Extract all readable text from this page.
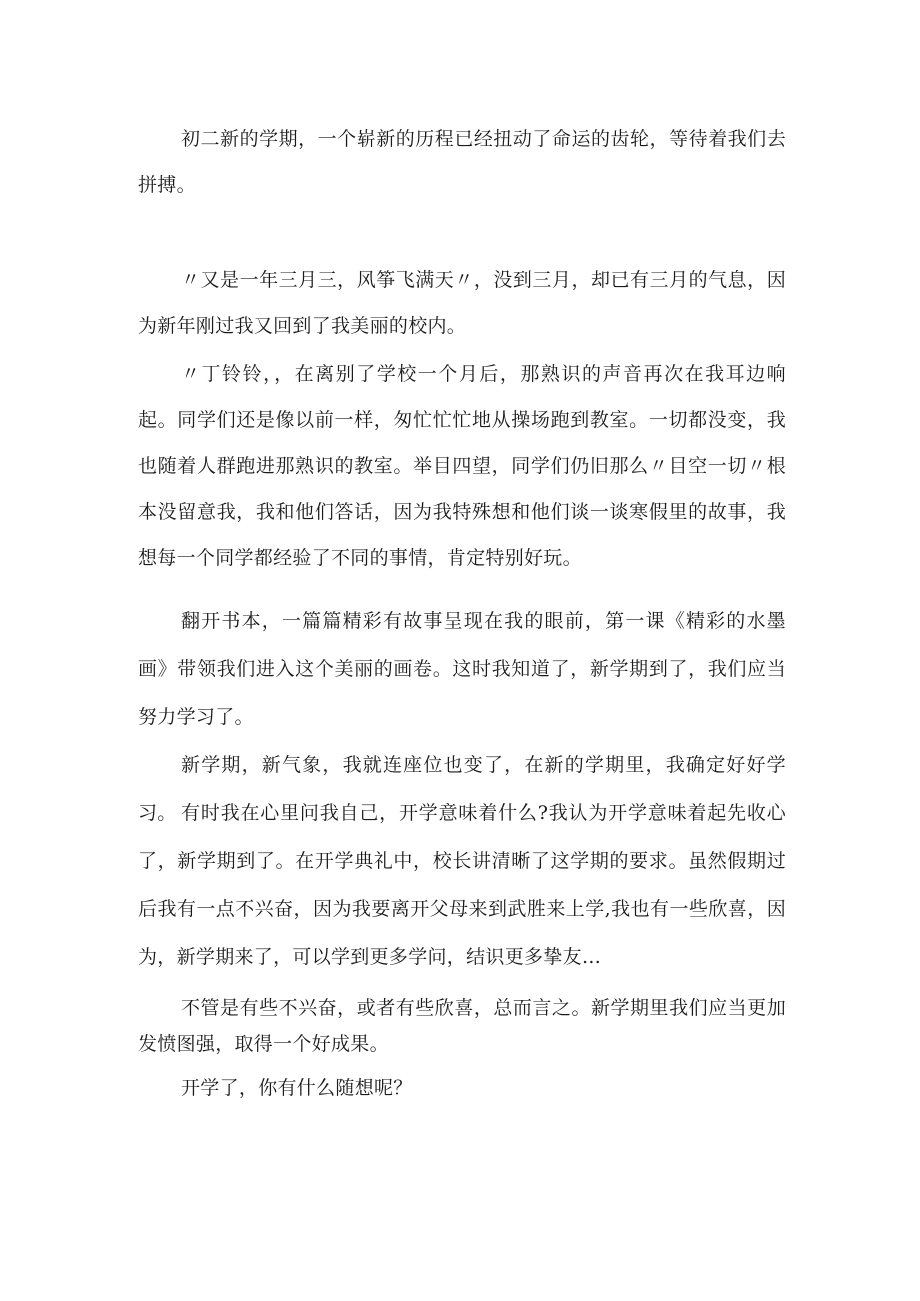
初二新的学期，一个崭新的历程已经扭动了命运的齿轮，等待着我们去拼搏。

〃又是一年三月三，风筝飞满天〃，没到三月，却已有三月的气息，因为新年刚过我又回到了我美丽的校内。

〃丁铃铃，，在离别了学校一个月后，那熟识的声音再次在我耳边响起。同学们还是像以前一样，匆忙忙忙地从操场跑到教室。一切都没变，我也随着人群跑进那熟识的教室。举目四望，同学们仍旧那么〃目空一切〃根本没留意我，我和他们答话，因为我特殊想和他们谈一谈寒假里的故事，我想每一个同学都经验了不同的事情，肯定特别好玩。

翻开书本，一篇篇精彩有故事呈现在我的眼前，第一课《精彩的水墨画》带领我们进入这个美丽的画卷。这时我知道了，新学期到了，我们应当努力学习了。

新学期，新气象，我就连座位也变了，在新的学期里，我确定好好学习。 有时我在心里问我自己，开学意味着什么?我认为开学意味着起先收心了，新学期到了。在开学典礼中，校长讲清晰了这学期的要求。虽然假期过后我有一点不兴奋，因为我要离开父母来到武胜来上学,我也有一些欣喜，因为，新学期来了，可以学到更多学问，结识更多挚友…

不管是有些不兴奋，或者有些欣喜，总而言之。新学期里我们应当更加发愤图强，取得一个好成果。

开学了，你有什么随想呢？
